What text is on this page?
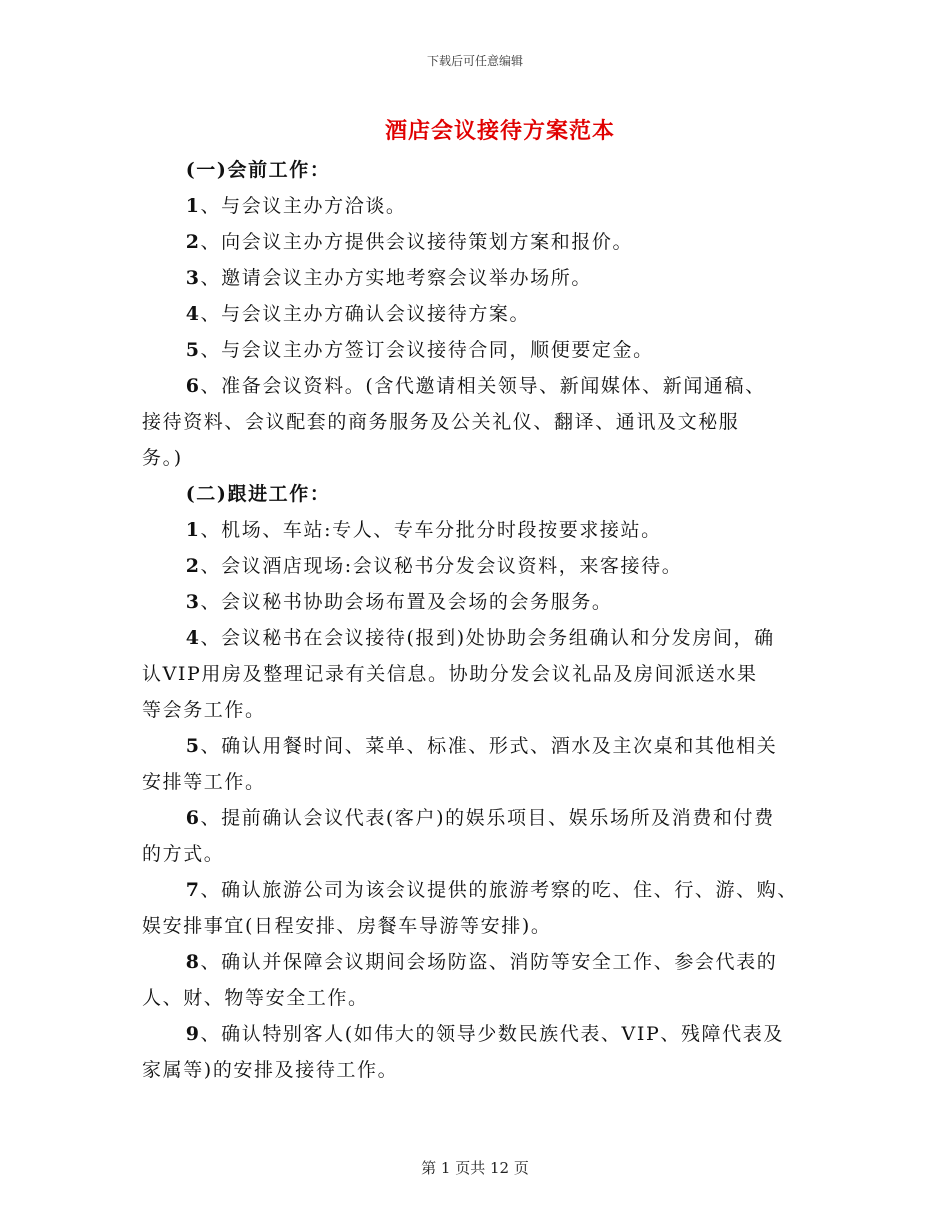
下载后可任意编辑
酒店会议接待方案范本

(一)会前工作：

1、与会议主办方洽谈。

2、向会议主办方提供会议接待策划方案和报价。

3、邀请会议主办方实地考察会议举办场所。

4、与会议主办方确认会议接待方案。

5、与会议主办方签订会议接待合同，顺便要定金。

6、准备会议资料。(含代邀请相关领导、新闻媒体、新闻通稿、

接待资料、会议配套的商务服务及公关礼仪、翻译、通讯及文秘服

务。)

(二)跟进工作：

1、机场、车站:专人、专车分批分时段按要求接站。

2、会议酒店现场:会议秘书分发会议资料，来客接待。

3、会议秘书协助会场布置及会场的会务服务。

4、会议秘书在会议接待(报到)处协助会务组确认和分发房间，确

认VIP用房及整理记录有关信息。协助分发会议礼品及房间派送水果

等会务工作。

5、确认用餐时间、菜单、标准、形式、酒水及主次桌和其他相关

安排等工作。

6、提前确认会议代表(客户)的娱乐项目、娱乐场所及消费和付费

的方式。

7、确认旅游公司为该会议提供的旅游考察的吃、住、行、游、购、

娱安排事宜(日程安排、房餐车导游等安排)。

8、确认并保障会议期间会场防盗、消防等安全工作、参会代表的

人、财、物等安全工作。

9、确认特别客人(如伟大的领导少数民族代表、VIP、残障代表及

家属等)的安排及接待工作。

第 1 页共 12 页
